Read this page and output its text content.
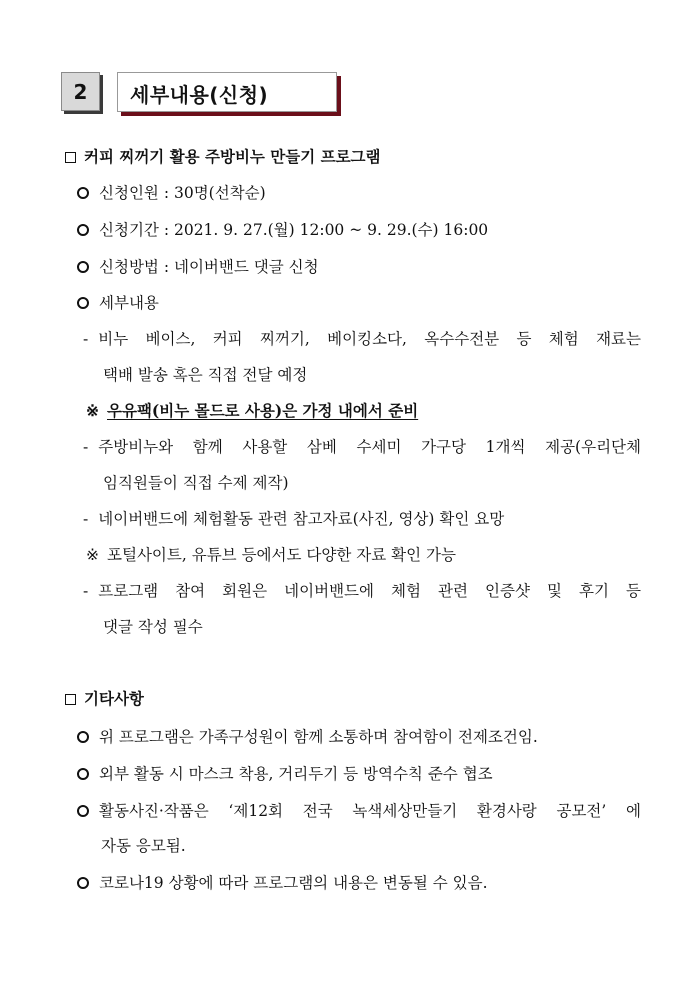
2	세부내용(신청)
커피 찌꺼기 활용 주방비누 만들기 프로그램
신청인원 : 30명(선착순)
신청기간 : 2021. 9. 27.(월) 12:00 ~ 9. 29.(수) 16:00
신청방법 : 네이버밴드 댓글 신청
세부내용
- 비누 베이스, 커피 찌꺼기, 베이킹소다, 옥수수전분 등 체험 재료는
택배 발송 혹은 직접 전달 예정
※ 우유팩(비누 몰드로 사용)은 가정 내에서 준비
- 주방비누와 함께 사용할 삼베 수세미 가구당 1개씩 제공(우리단체
임직원들이 직접 수제 제작)
- 네이버밴드에 체험활동 관련 참고자료(사진, 영상) 확인 요망
※ 포털사이트, 유튜브 등에서도 다양한 자료 확인 가능
- 프로그램 참여 회원은 네이버밴드에 체험 관련 인증샷 및 후기 등
댓글 작성 필수
기타사항
위 프로그램은 가족구성원이 함께 소통하며 참여함이 전제조건임.
외부 활동 시 마스크 착용, 거리두기 등 방역수칙 준수 협조
활동사진·작품은 ‘제12회 전국 녹색세상만들기 환경사랑 공모전’ 에
자동 응모됨.
코로나19 상황에 따라 프로그램의 내용은 변동될 수 있음.
